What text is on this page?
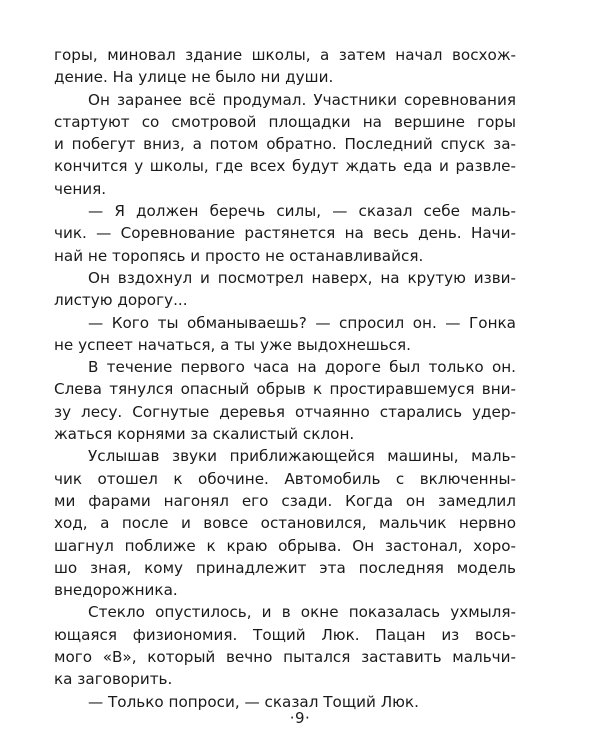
горы, миновал здание школы, а затем начал восхож-
дение. На улице не было ни души.
Он заранее всё продумал. Участники соревнования
стартуют со смотровой площадки на вершине горы
и побегут вниз, а потом обратно. Последний спуск за-
кончится у школы, где всех будут ждать еда и развле-
чения.
— Я должен беречь силы, — сказал себе маль-
чик. — Соревнование растянется на весь день. Начи-
най не торопясь и просто не останавливайся.
Он вздохнул и посмотрел наверх, на крутую изви-
листую дорогу...
— Кого ты обманываешь? — спросил он. — Гонка
не успеет начаться, а ты уже выдохнешься.
В течение первого часа на дороге был только он.
Слева тянулся опасный обрыв к простиравшемуся вни-
зу лесу. Согнутые деревья отчаянно старались удер-
жаться корнями за скалистый склон.
Услышав звуки приближающейся машины, маль-
чик отошел к обочине. Автомобиль с включенны-
ми фарами нагонял его сзади. Когда он замедлил
ход, а после и вовсе остановился, мальчик нервно
шагнул поближе к краю обрыва. Он застонал, хоро-
шо зная, кому принадлежит эта последняя модель
внедорожника.
Стекло опустилось, и в окне показалась ухмыля-
ющаяся физиономия. Тощий Люк. Пацан из вось-
мого «В», который вечно пытался заставить мальчи-
ка заговорить.
— Только попроси, — сказал Тощий Люк.
·9·
